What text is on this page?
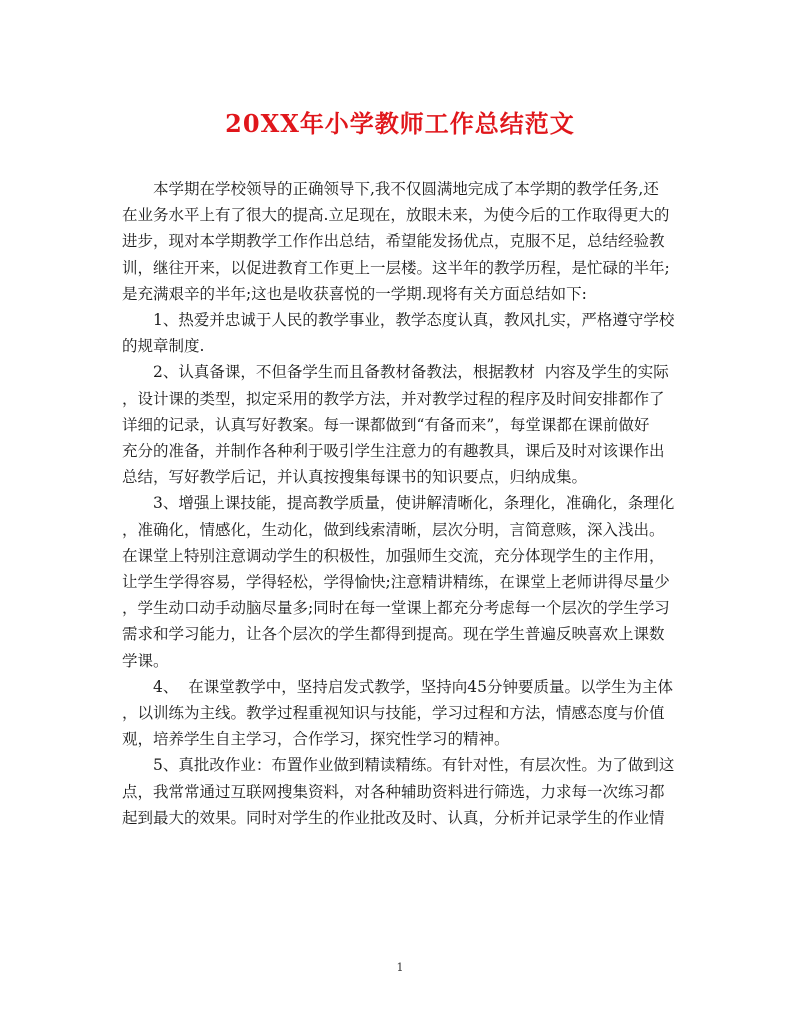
20XX年小学教师工作总结范文

　　本学期在学校领导的正确领导下,我不仅圆满地完成了本学期的教学任务,还
在业务水平上有了很大的提高.立足现在，放眼未来，为使今后的工作取得更大的
进步，现对本学期教学工作作出总结，希望能发扬优点，克服不足，总结经验教
训，继往开来，以促进教育工作更上一层楼。这半年的教学历程，是忙碌的半年;
是充满艰辛的半年;这也是收获喜悦的一学期.现将有关方面总结如下:

　　1、热爱并忠诚于人民的教学事业，教学态度认真，教风扎实，严格遵守学校
的规章制度.

　　2、认真备课，不但备学生而且备教材备教法，根据教材  内容及学生的实际
，设计课的类型，拟定采用的教学方法，并对教学过程的程序及时间安排都作了
详细的记录，认真写好教案。每一课都做到“有备而来”，每堂课都在课前做好
充分的准备，并制作各种利于吸引学生注意力的有趣教具，课后及时对该课作出
总结，写好教学后记，并认真按搜集每课书的知识要点，归纳成集。

　　3、增强上课技能，提高教学质量，使讲解清晰化，条理化，准确化，条理化
，准确化，情感化，生动化，做到线索清晰，层次分明，言简意赅，深入浅出。
在课堂上特别注意调动学生的积极性，加强师生交流，充分体现学生的主作用，
让学生学得容易，学得轻松，学得愉快;注意精讲精练，在课堂上老师讲得尽量少
，学生动口动手动脑尽量多;同时在每一堂课上都充分考虑每一个层次的学生学习
需求和学习能力，让各个层次的学生都得到提高。现在学生普遍反映喜欢上课数
学课。

　　4、  在课堂教学中，坚持启发式教学，坚持向45分钟要质量。以学生为主体
，以训练为主线。教学过程重视知识与技能，学习过程和方法，情感态度与价值
观，培养学生自主学习，合作学习，探究性学习的精神。

　　5、真批改作业：布置作业做到精读精练。有针对性，有层次性。为了做到这
点，我常常通过互联网搜集资料，对各种辅助资料进行筛选，力求每一次练习都
起到最大的效果。同时对学生的作业批改及时、认真，分析并记录学生的作业情

1
